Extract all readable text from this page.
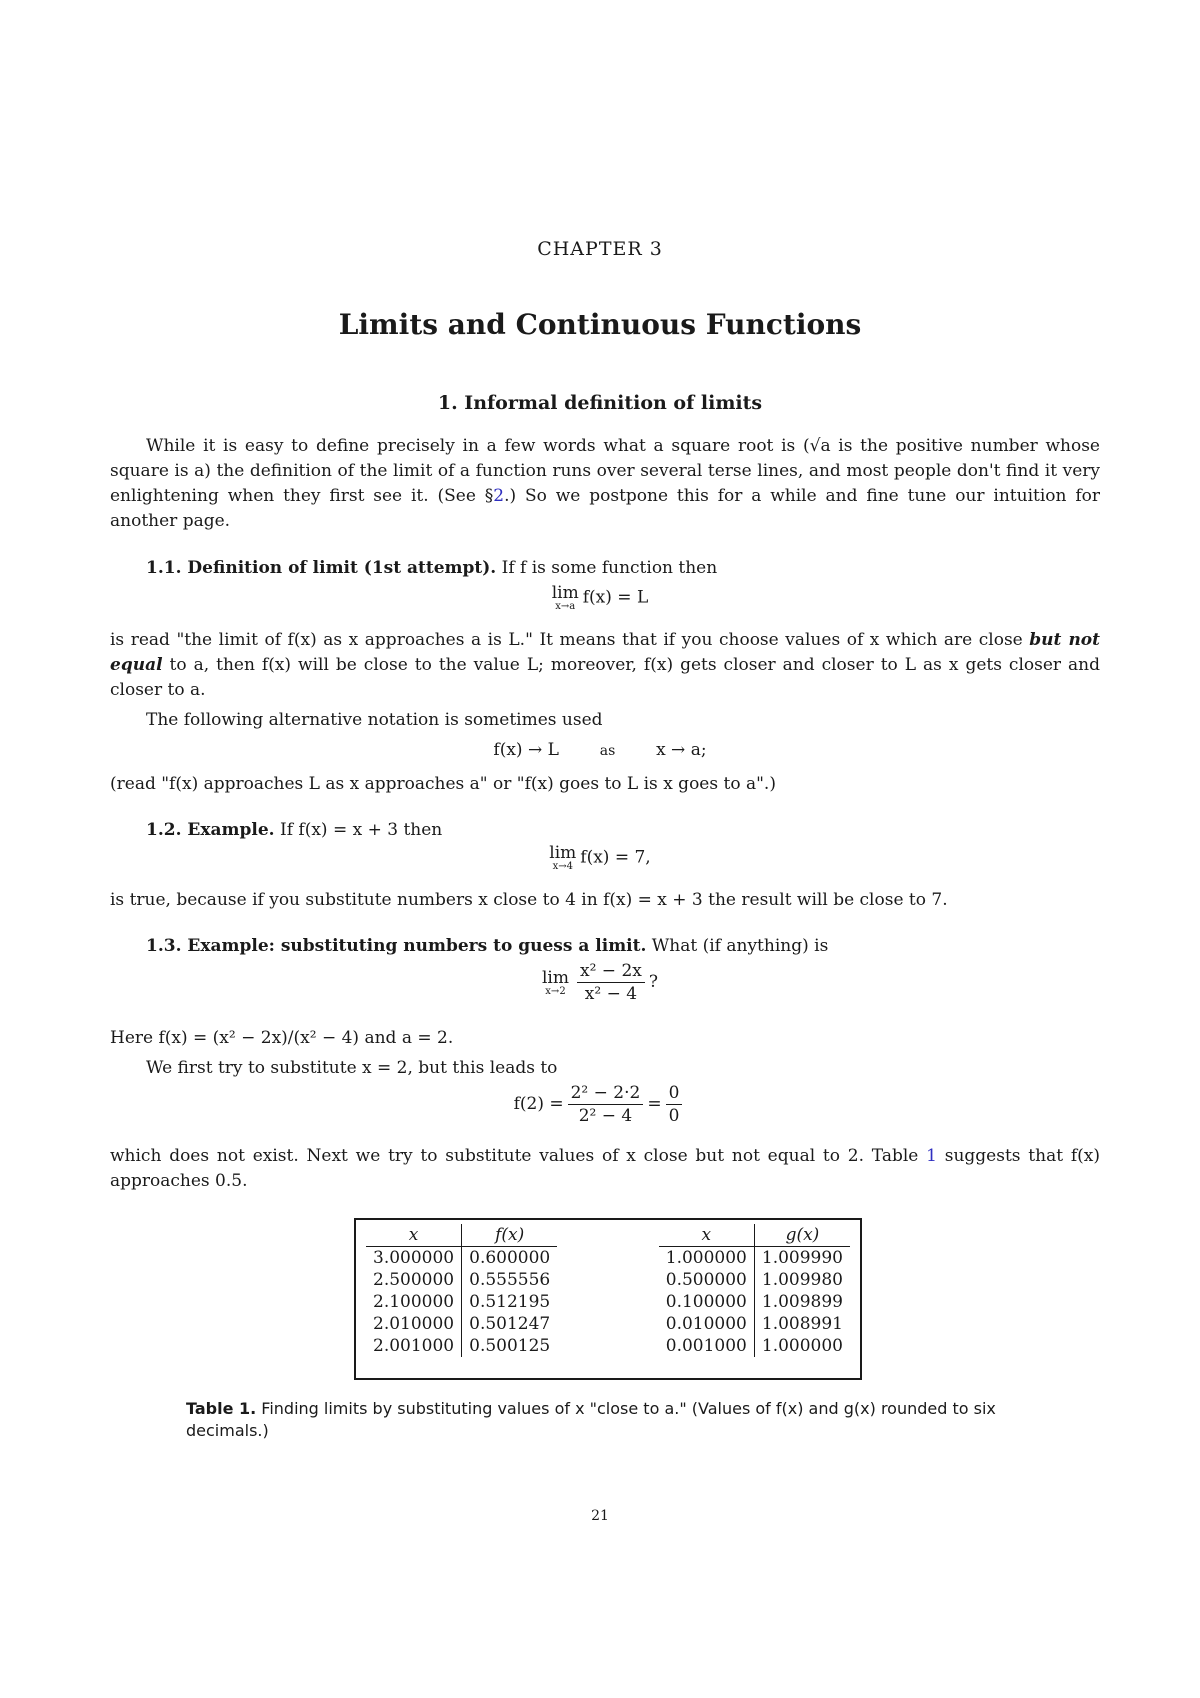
CHAPTER 3
Limits and Continuous Functions
1. Informal definition of limits
While it is easy to define precisely in a few words what a square root is (√a is the positive number whose square is a) the definition of the limit of a function runs over several terse lines, and most people don't find it very enlightening when they first see it. (See §2.) So we postpone this for a while and fine tune our intuition for another page.
1.1. Definition of limit (1st attempt). If f is some function then
lim
x→a f(x) = L
is read "the limit of f(x) as x approaches a is L." It means that if you choose values of x which are close but not equal to a, then f(x) will be close to the value L; moreover, f(x) gets closer and closer to L as x gets closer and closer to a.
The following alternative notation is sometimes used
f(x) → L	as x → a;
(read "f(x) approaches L as x approaches a" or "f(x) goes to L is x goes to a".)
1.2. Example. If f(x) = x + 3 then
lim
x→4 f(x) = 7,
is true, because if you substitute numbers x close to 4 in f(x) = x + 3 the result will be close to 7.
1.3. Example: substituting numbers to guess a limit. What (if anything) is
lim
$x\to 2 \frac{\text{x² − 2x}}{\text{x² − 4}}$ ?
Here f(x) = (x² − 2x)/(x² − 4) and a = 2.
We first try to substitute x = 2, but this leads to
$f(2) = \frac{\text{2² − 2·2}}{\text{2² − 4}} = \frac{0}{0}$
which does not exist. Next we try to substitute values of x close but not equal to 2. Table 1 suggests that f(x) approaches 0.5.
x	f(x)
3.000000	0.600000
2.500000	0.555556
2.100000	0.512195
2.010000	0.501247
2.001000	0.500125
x	g(x)
1.000000	1.009990
0.500000	1.009980
0.100000	1.009899
0.010000	1.008991
0.001000	1.000000
Table 1. Finding limits by substituting values of x "close to a." (Values of f(x) and g(x) rounded to six decimals.)
21
